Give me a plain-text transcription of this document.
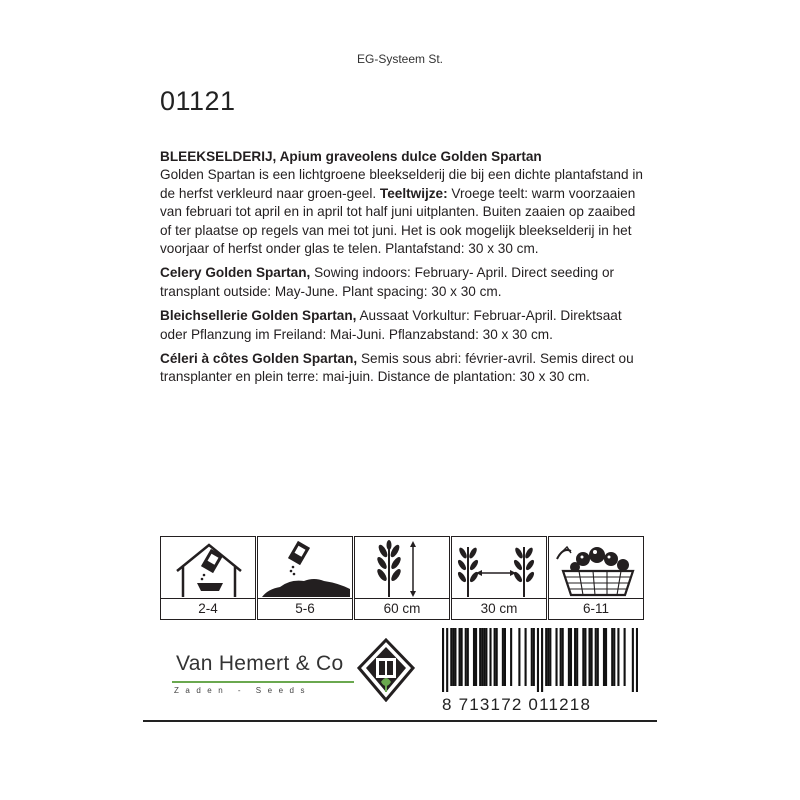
EG-Systeem St.
01121

BLEEKSELDERIJ, Apium graveolens dulce Golden Spartan
Golden Spartan is een lichtgroene bleekselderij die bij een dichte plantafstand in de herfst verkleurd naar groen-geel. Teeltwijze: Vroege teelt: warm voorzaaien van februari tot april en in april tot half juni uitplanten. Buiten zaaien op zaaibed of ter plaatse op regels van mei tot juni. Het is ook mogelijk bleekselderij in het voorjaar of herfst onder glas te telen. Plantafstand: 30 x 30 cm.

Celery Golden Spartan, Sowing indoors: February- April. Direct seeding or transplant outside: May-June. Plant spacing: 30 x 30 cm.

Bleichsellerie Golden Spartan, Aussaat Vorkultur: Februar-April. Direktsaat oder Pflanzung im Freiland: Mai-Juni. Pflanzabstand: 30 x 30 cm.

Céleri à côtes Golden Spartan, Semis sous abri: février-avril. Semis direct ou transplanter en plein terre: mai-juin. Distance de plantation: 30 x 30 cm.

2-4	5-6	60 cm	30 cm	6-11
Van Hemert & Co
Zaden - Seeds
8 713172 011218
